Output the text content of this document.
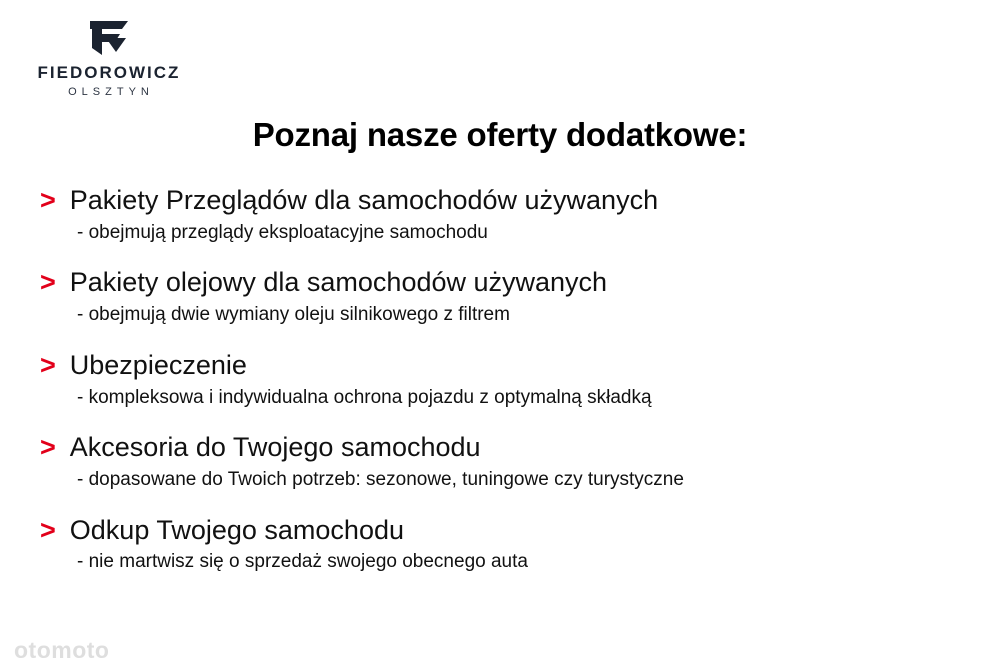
FIEDOROWICZ
OLSZTYN
Poznaj nasze oferty dodatkowe:
> Pakiety Przeglądów dla samochodów używanych
- obejmują przeglądy eksploatacyjne samochodu
> Pakiety olejowy dla samochodów używanych
- obejmują dwie wymiany oleju silnikowego z filtrem
> Ubezpieczenie
- kompleksowa i indywidualna ochrona pojazdu z optymalną składką
> Akcesoria do Twojego samochodu
- dopasowane do Twoich potrzeb: sezonowe, tuningowe czy turystyczne
> Odkup Twojego samochodu
- nie martwisz się o sprzedaż swojego obecnego auta
otomoto
